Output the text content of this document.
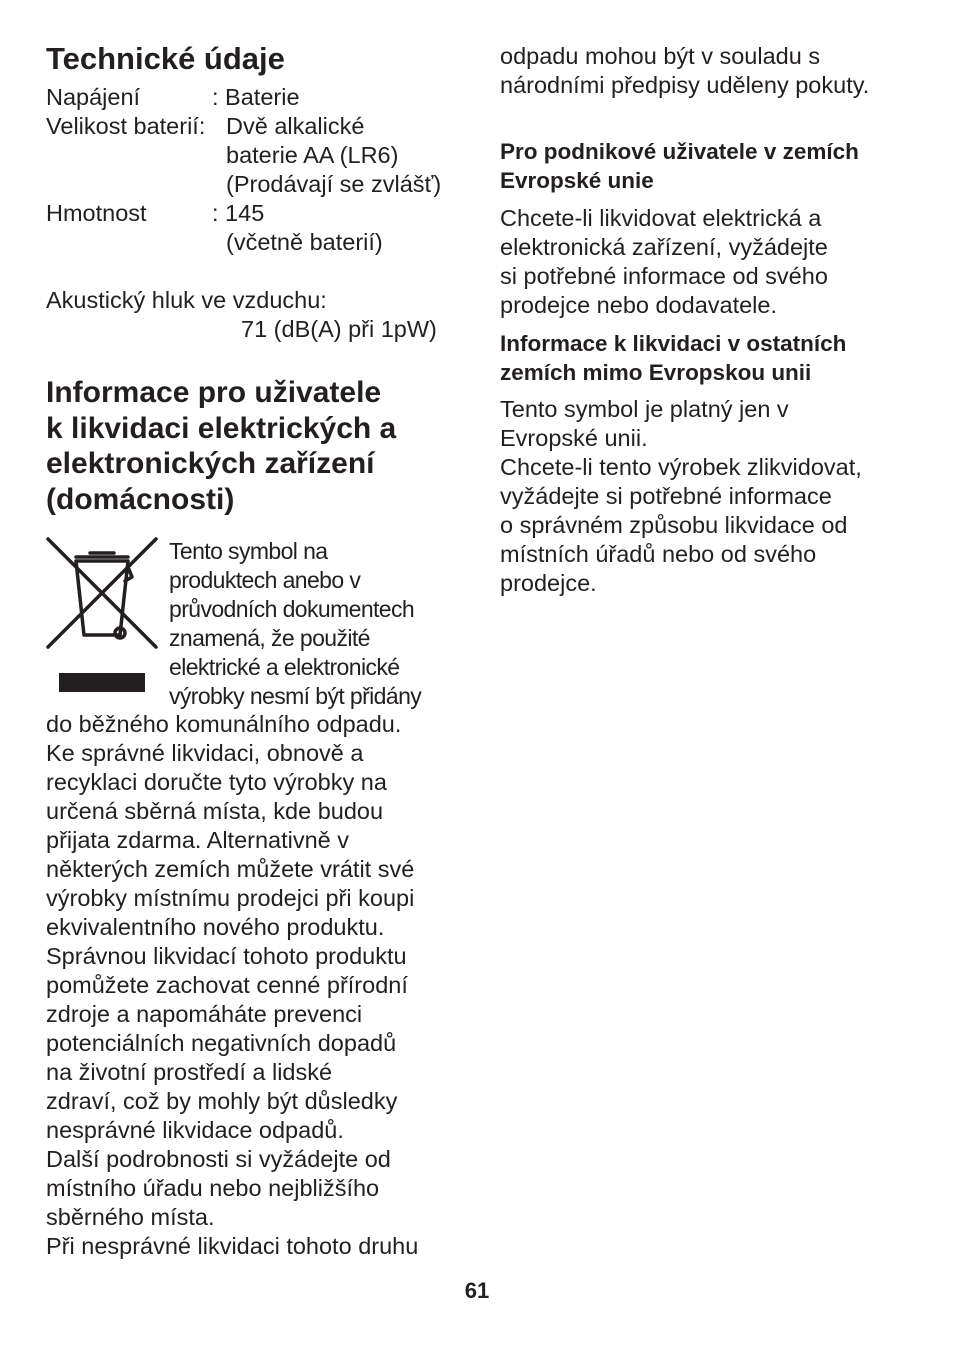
Technické údaje
Napájení	: Baterie
Velikost baterií: Dvě alkalické
baterie AA (LR6)
(Prodávají se zvlášť)
Hmotnost	: 145
(včetně baterií)
Akustický hluk ve vzduchu:
71 (dB(A) při 1pW)
Informace pro uživatele
k likvidaci elektrických a
elektronických zařízení
(domácnosti)
Tento symbol na
produktech anebo v
průvodních dokumentech
znamená, že použité
elektrické a elektronické
výrobky nesmí být přidány
do běžného komunálního odpadu.
Ke správné likvidaci, obnově a
recyklaci doručte tyto výrobky na
určená sběrná místa, kde budou
přijata zdarma. Alternativně v
některých zemích můžete vrátit své
výrobky místnímu prodejci při koupi
ekvivalentního nového produktu.
Správnou likvidací tohoto produktu
pomůžete zachovat cenné přírodní
zdroje a napomáháte prevenci
potenciálních negativních dopadů
na životní prostředí a lidské
zdraví, což by mohly být důsledky
nesprávné likvidace odpadů.
Další podrobnosti si vyžádejte od
místního úřadu nebo nejbližšího
sběrného místa.
Při nesprávné likvidaci tohoto druhu
odpadu mohou být v souladu s
národními předpisy uděleny pokuty.
Pro podnikové uživatele v zemích
Evropské unie
Chcete-li likvidovat elektrická a
elektronická zařízení, vyžádejte
si potřebné informace od svého
prodejce nebo dodavatele.
Informace k likvidaci v ostatních
zemích mimo Evropskou unii
Tento symbol je platný jen v
Evropské unii.
Chcete-li tento výrobek zlikvidovat,
vyžádejte si potřebné informace
o správném způsobu likvidace od
místních úřadů nebo od svého
prodejce.
61
